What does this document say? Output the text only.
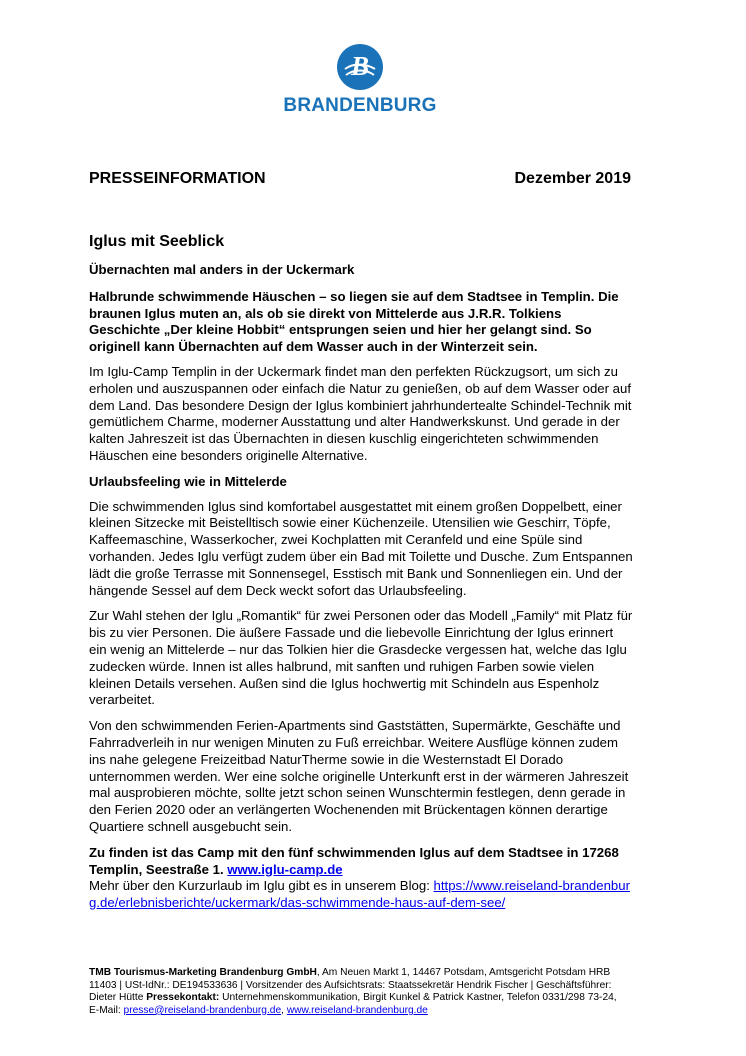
B
BRANDENBURG
PRESSEINFORMATION	Dezember 2019
Iglus mit Seeblick
Übernachten mal anders in der Uckermark
Halbrunde schwimmende Häuschen – so liegen sie auf dem Stadtsee in Templin. Die braunen Iglus muten an, als ob sie direkt von Mittelerde aus J.R.R. Tolkiens Geschichte „Der kleine Hobbit“ entsprungen seien und hier her gelangt sind. So originell kann Übernachten auf dem Wasser auch in der Winterzeit sein.

Im Iglu-Camp Templin in der Uckermark findet man den perfekten Rückzugsort, um sich zu erholen und auszuspannen oder einfach die Natur zu genießen, ob auf dem Wasser oder auf dem Land. Das besondere Design der Iglus kombiniert jahrhundertealte Schindel-Technik mit gemütlichem Charme, moderner Ausstattung und alter Handwerkskunst. Und gerade in der kalten Jahreszeit ist das Übernachten in diesen kuschlig eingerichteten schwimmenden Häuschen eine besonders originelle Alternative.

Urlaubsfeeling wie in Mittelerde

Die schwimmenden Iglus sind komfortabel ausgestattet mit einem großen Doppelbett, einer kleinen Sitzecke mit Beistelltisch sowie einer Küchenzeile. Utensilien wie Geschirr, Töpfe, Kaffeemaschine, Wasserkocher, zwei Kochplatten mit Ceranfeld und eine Spüle sind vorhanden. Jedes Iglu verfügt zudem über ein Bad mit Toilette und Dusche. Zum Entspannen lädt die große Terrasse mit Sonnensegel, Esstisch mit Bank und Sonnenliegen ein. Und der hängende Sessel auf dem Deck weckt sofort das Urlaubsfeeling.

Zur Wahl stehen der Iglu „Romantik“ für zwei Personen oder das Modell „Family“ mit Platz für bis zu vier Personen. Die äußere Fassade und die liebevolle Einrichtung der Iglus erinnert ein wenig an Mittelerde – nur das Tolkien hier die Grasdecke vergessen hat, welche das Iglu zudecken würde. Innen ist alles halbrund, mit sanften und ruhigen Farben sowie vielen kleinen Details versehen. Außen sind die Iglus hochwertig mit Schindeln aus Espenholz verarbeitet.

Von den schwimmenden Ferien-Apartments sind Gaststätten, Supermärkte, Geschäfte und Fahrradverleih in nur wenigen Minuten zu Fuß erreichbar. Weitere Ausflüge können zudem ins nahe gelegene Freizeitbad NaturTherme sowie in die Westernstadt El Dorado unternommen werden. Wer eine solche originelle Unterkunft erst in der wärmeren Jahreszeit mal ausprobieren möchte, sollte jetzt schon seinen Wunschtermin festlegen, denn gerade in den Ferien 2020 oder an verlängerten Wochenenden mit Brückentagen können derartige Quartiere schnell ausgebucht sein.

Zu finden ist das Camp mit den fünf schwimmenden Iglus auf dem Stadtsee in 17268 Templin, Seestraße 1. www.iglu-camp.de
Mehr über den Kurzurlaub im Iglu gibt es in unserem Blog: https://www.reiseland-brandenburg.de/erlebnisberichte/uckermark/das-schwimmende-haus-auf-dem-see/
TMB Tourismus-Marketing Brandenburg GmbH, Am Neuen Markt 1, 14467 Potsdam, Amtsgericht Potsdam HRB 11403 | USt-IdNr.: DE194533636 | Vorsitzender des Aufsichtsrats: Staatssekretär Hendrik Fischer | Geschäftsführer: Dieter Hütte Pressekontakt: Unternehmenskommunikation, Birgit Kunkel & Patrick Kastner, Telefon 0331/298 73-24, E-Mail: presse@reiseland-brandenburg.de, www.reiseland-brandenburg.de
